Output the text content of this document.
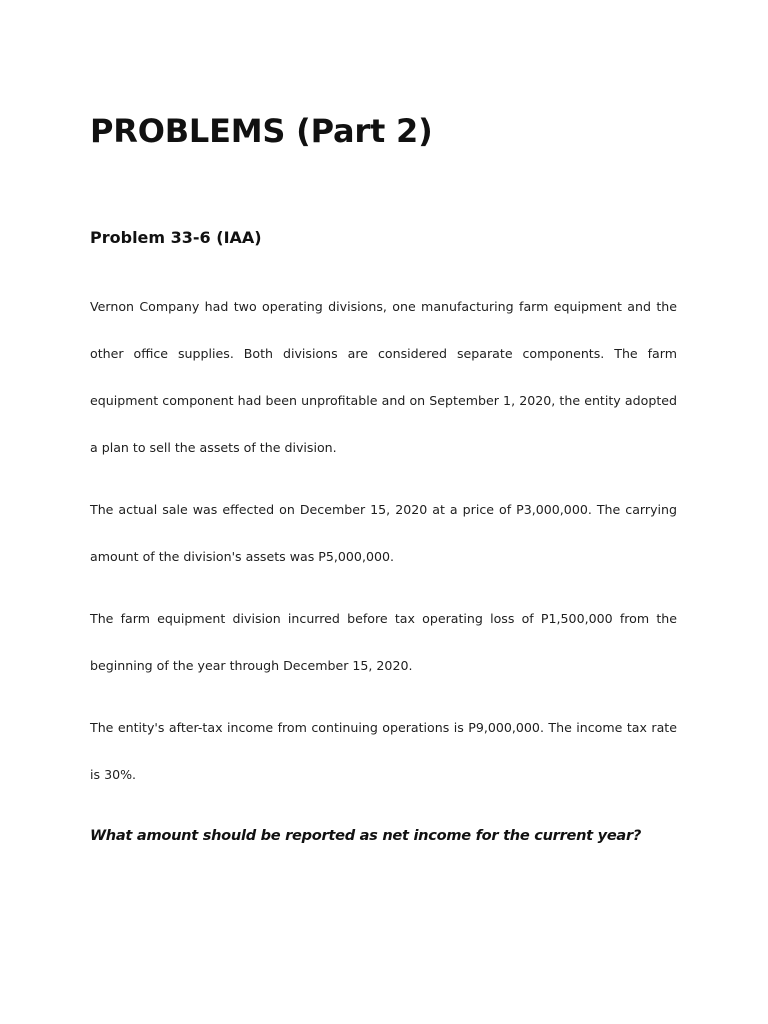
PROBLEMS (Part 2)
Problem 33-6 (IAA)

Vernon Company had two operating divisions, one manufacturing farm equipment and the other office supplies. Both divisions are considered separate components. The farm equipment component had been unprofitable and on September 1, 2020, the entity adopted a plan to sell the assets of the division.

The actual sale was effected on December 15, 2020 at a price of P3,000,000. The carrying amount of the division's assets was P5,000,000.

The farm equipment division incurred before tax operating loss of P1,500,000 from the beginning of the year through December 15, 2020.

The entity's after-tax income from continuing operations is P9,000,000. The income tax rate is 30%.

What amount should be reported as net income for the current year?
